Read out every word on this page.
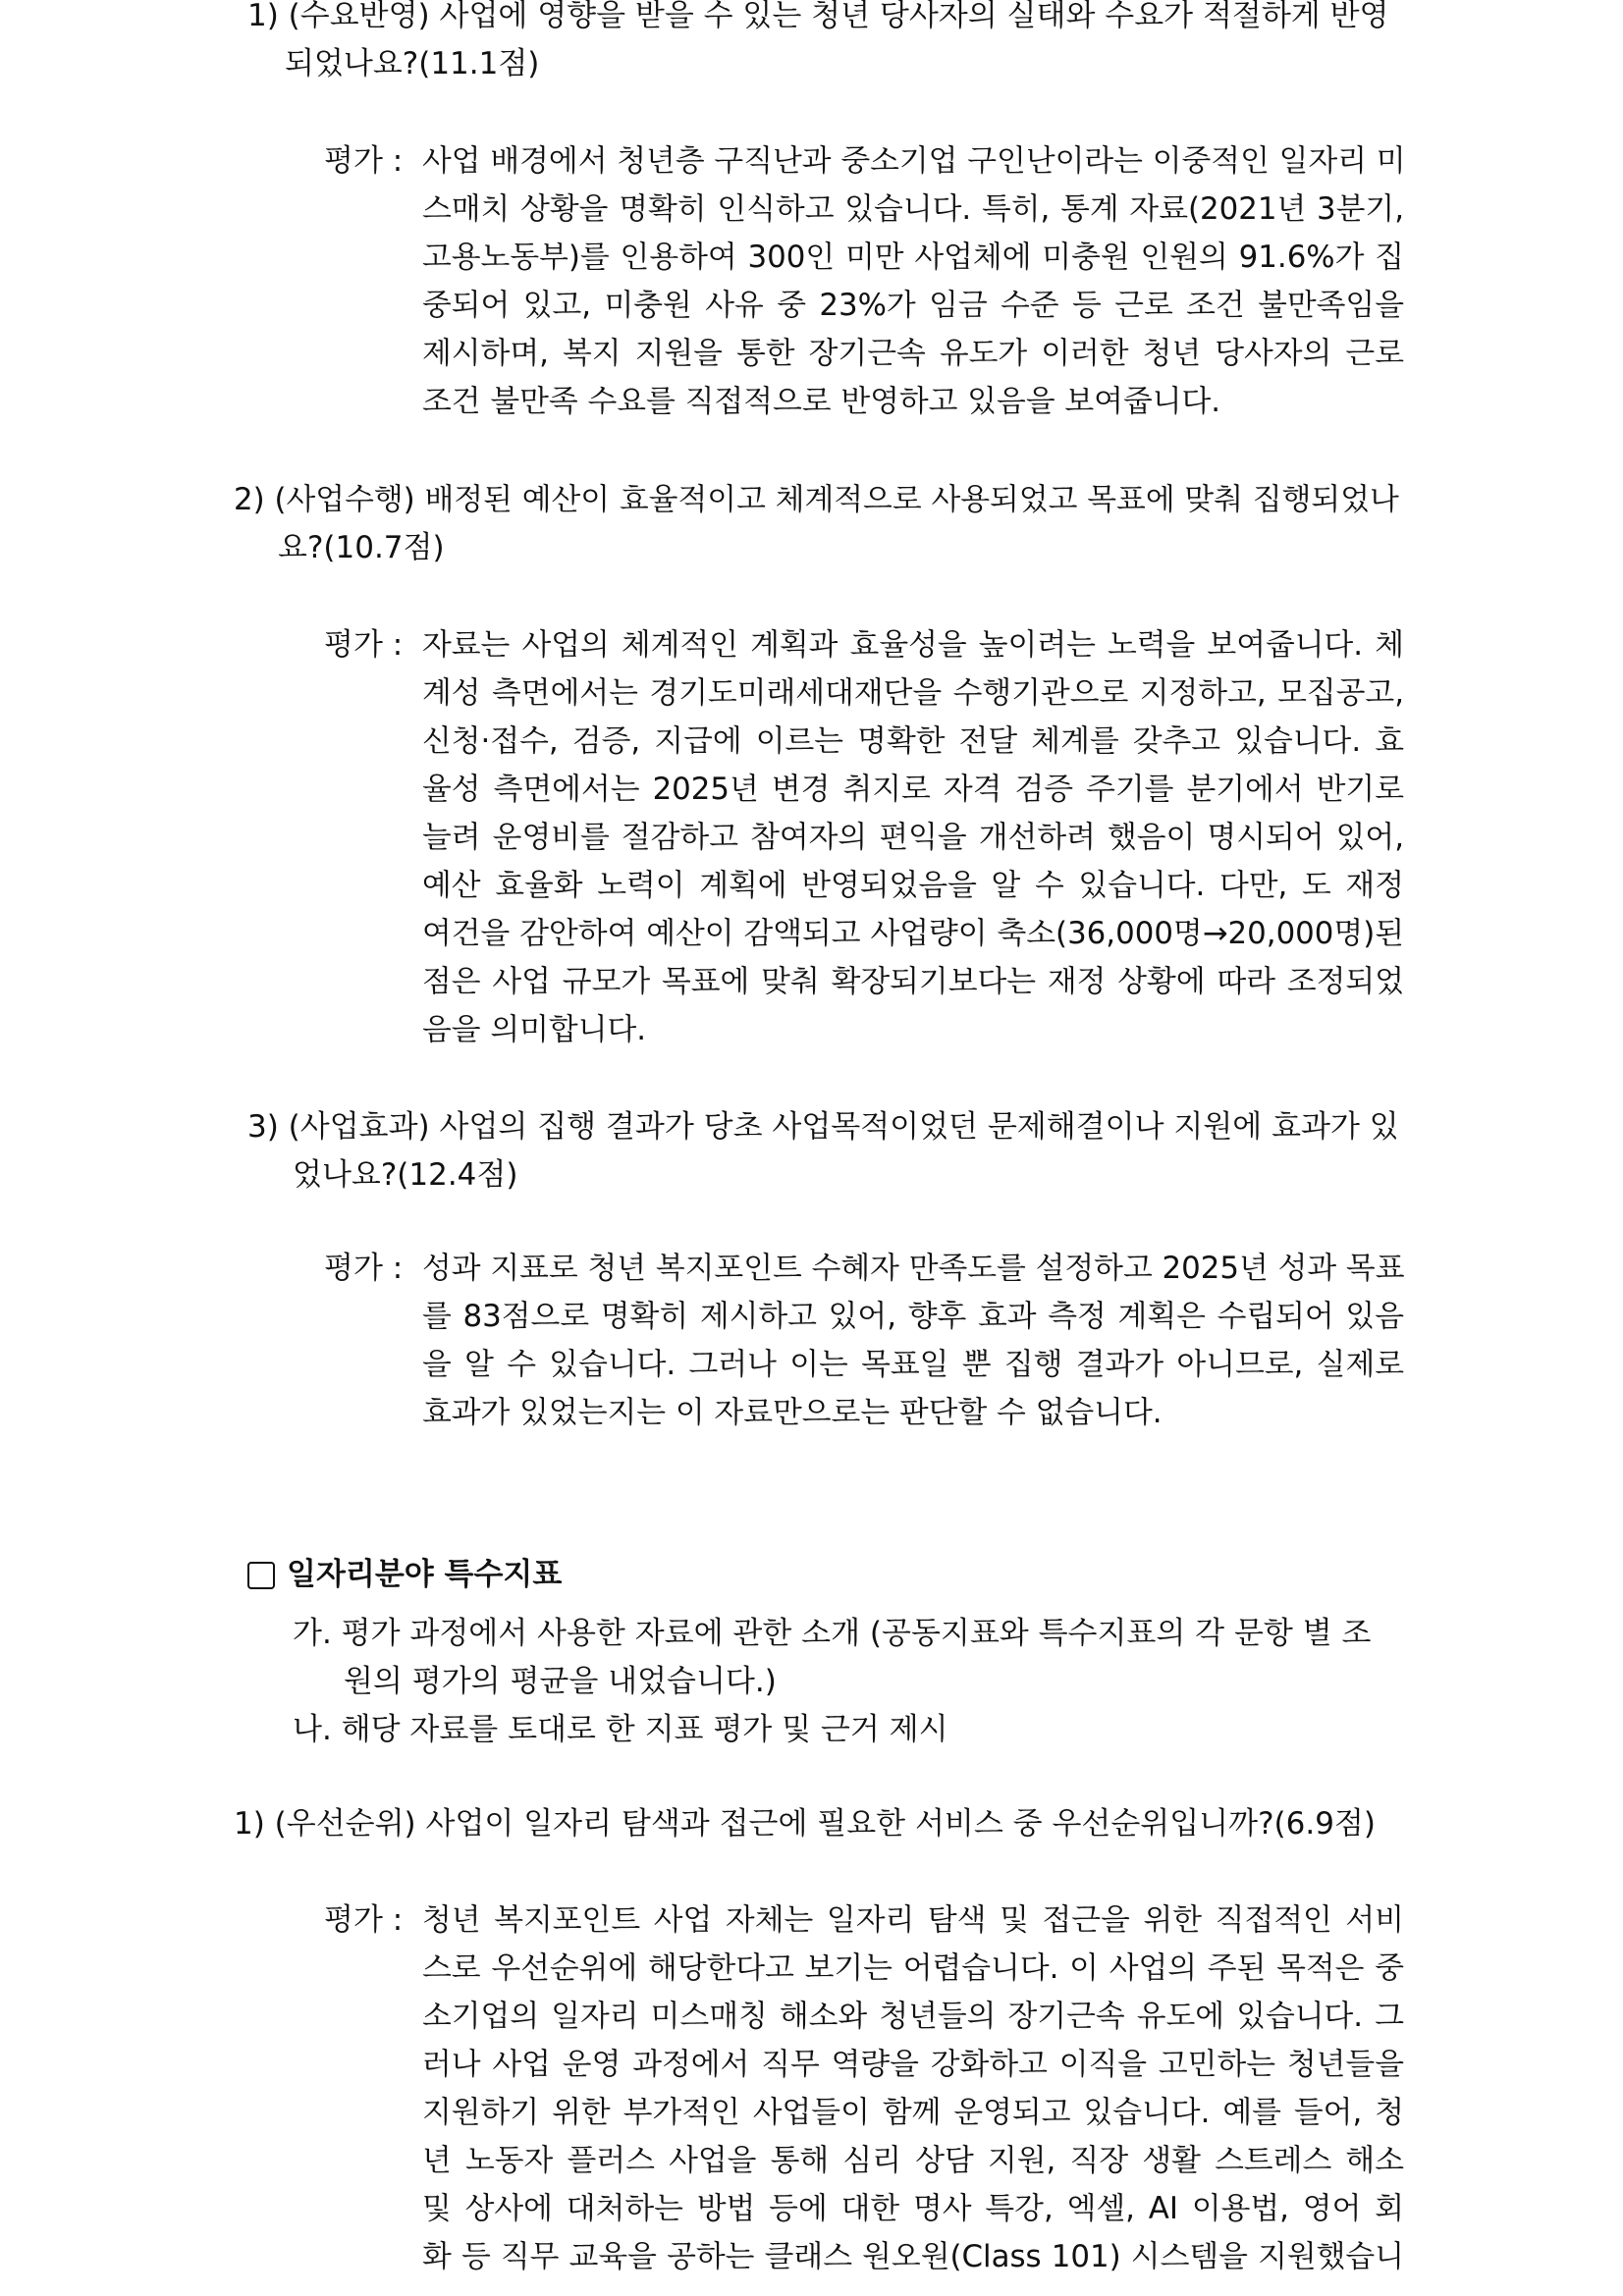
1) (수요반영) 사업에 영향을 받을 수 있는 청년 당사자의 실태와 수요가 적절하게 반영
되었나요?(11.1점)
평가 : 사업 배경에서 청년층 구직난과 중소기업 구인난이라는 이중적인 일자리 미
스매치 상황을 명확히 인식하고 있습니다. 특히, 통계 자료(2021년 3분기,
고용노동부)를 인용하여 300인 미만 사업체에 미충원 인원의 91.6%가 집
중되어 있고, 미충원 사유 중 23%가 임금 수준 등 근로 조건 불만족임을
제시하며, 복지 지원을 통한 장기근속 유도가 이러한 청년 당사자의 근로
조건 불만족 수요를 직접적으로 반영하고 있음을 보여줍니다.
2) (사업수행) 배정된 예산이 효율적이고 체계적으로 사용되었고 목표에 맞춰 집행되었나
요?(10.7점)
평가 : 자료는 사업의 체계적인 계획과 효율성을 높이려는 노력을 보여줍니다. 체
계성 측면에서는 경기도미래세대재단을 수행기관으로 지정하고, 모집공고,
신청·접수, 검증, 지급에 이르는 명확한 전달 체계를 갖추고 있습니다. 효
율성 측면에서는 2025년 변경 취지로 자격 검증 주기를 분기에서 반기로
늘려 운영비를 절감하고 참여자의 편익을 개선하려 했음이 명시되어 있어,
예산 효율화 노력이 계획에 반영되었음을 알 수 있습니다. 다만, 도 재정
여건을 감안하여 예산이 감액되고 사업량이 축소(36,000명→20,000명)된
점은 사업 규모가 목표에 맞춰 확장되기보다는 재정 상황에 따라 조정되었
음을 의미합니다.
3) (사업효과) 사업의 집행 결과가 당초 사업목적이었던 문제해결이나 지원에 효과가 있
었나요?(12.4점)
평가 : 성과 지표로 청년 복지포인트 수혜자 만족도를 설정하고 2025년 성과 목표
를 83점으로 명확히 제시하고 있어, 향후 효과 측정 계획은 수립되어 있음
을 알 수 있습니다. 그러나 이는 목표일 뿐 집행 결과가 아니므로, 실제로
효과가 있었는지는 이 자료만으로는 판단할 수 없습니다.
일자리분야 특수지표
가. 평가 과정에서 사용한 자료에 관한 소개 (공동지표와 특수지표의 각 문항 별 조
원의 평가의 평균을 내었습니다.)
나. 해당 자료를 토대로 한 지표 평가 및 근거 제시
1) (우선순위) 사업이 일자리 탐색과 접근에 필요한 서비스 중 우선순위입니까?(6.9점)
평가 : 청년 복지포인트 사업 자체는 일자리 탐색 및 접근을 위한 직접적인 서비
스로 우선순위에 해당한다고 보기는 어렵습니다. 이 사업의 주된 목적은 중
소기업의 일자리 미스매칭 해소와 청년들의 장기근속 유도에 있습니다. 그
러나 사업 운영 과정에서 직무 역량을 강화하고 이직을 고민하는 청년들을
지원하기 위한 부가적인 사업들이 함께 운영되고 있습니다. 예를 들어, 청
년 노동자 플러스 사업을 통해 심리 상담 지원, 직장 생활 스트레스 해소
및 상사에 대처하는 방법 등에 대한 명사 특강, 엑셀, AI 이용법, 영어 회
화 등 직무 교육을 공하는 클래스 원오원(Class 101) 시스템을 지원했습니
